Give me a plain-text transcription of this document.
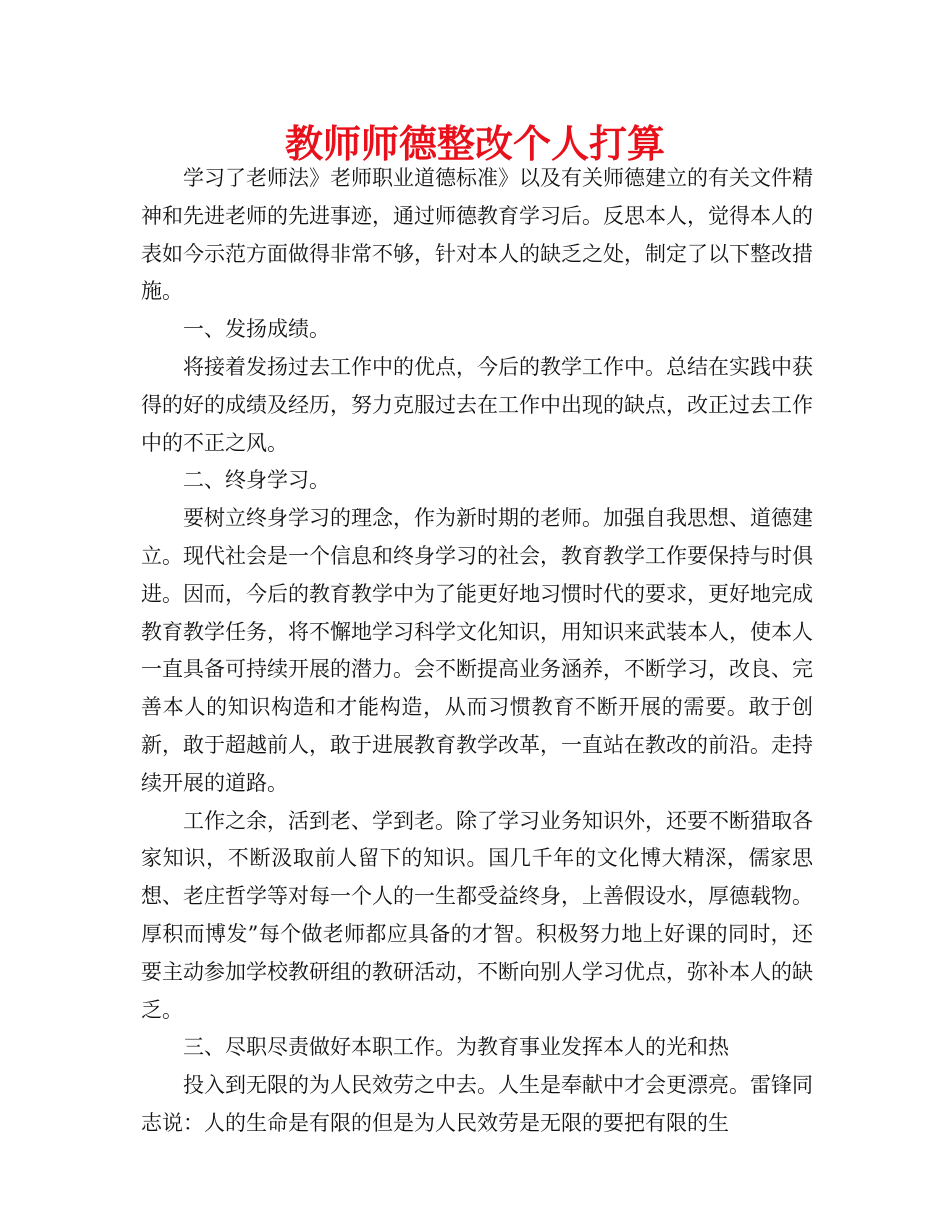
教师师德整改个人打算

学习了老师法》老师职业道德标准》以及有关师德建立的有关文件精神和先进老师的先进事迹，通过师德教育学习后。反思本人，觉得本人的表如今示范方面做得非常不够，针对本人的缺乏之处，制定了以下整改措施。

一、发扬成绩。

将接着发扬过去工作中的优点，今后的教学工作中。总结在实践中获得的好的成绩及经历，努力克服过去在工作中出现的缺点，改正过去工作中的不正之风。

二、终身学习。

要树立终身学习的理念，作为新时期的老师。加强自我思想、道德建立。现代社会是一个信息和终身学习的社会，教育教学工作要保持与时俱进。因而，今后的教育教学中为了能更好地习惯时代的要求，更好地完成教育教学任务，将不懈地学习科学文化知识，用知识来武装本人，使本人一直具备可持续开展的潜力。会不断提高业务涵养，不断学习，改良、完善本人的知识构造和才能构造，从而习惯教育不断开展的需要。敢于创新，敢于超越前人，敢于进展教育教学改革，一直站在教改的前沿。走持续开展的道路。

工作之余，活到老、学到老。除了学习业务知识外，还要不断猎取各家知识，不断汲取前人留下的知识。国几千年的文化博大精深，儒家思想、老庄哲学等对每一个人的一生都受益终身，上善假设水，厚德载物。厚积而博发”每个做老师都应具备的才智。积极努力地上好课的同时，还要主动参加学校教研组的教研活动，不断向别人学习优点，弥补本人的缺乏。

三、尽职尽责做好本职工作。为教育事业发挥本人的光和热

投入到无限的为人民效劳之中去。人生是奉献中才会更漂亮。雷锋同志说：人的生命是有限的但是为人民效劳是无限的要把有限的生
